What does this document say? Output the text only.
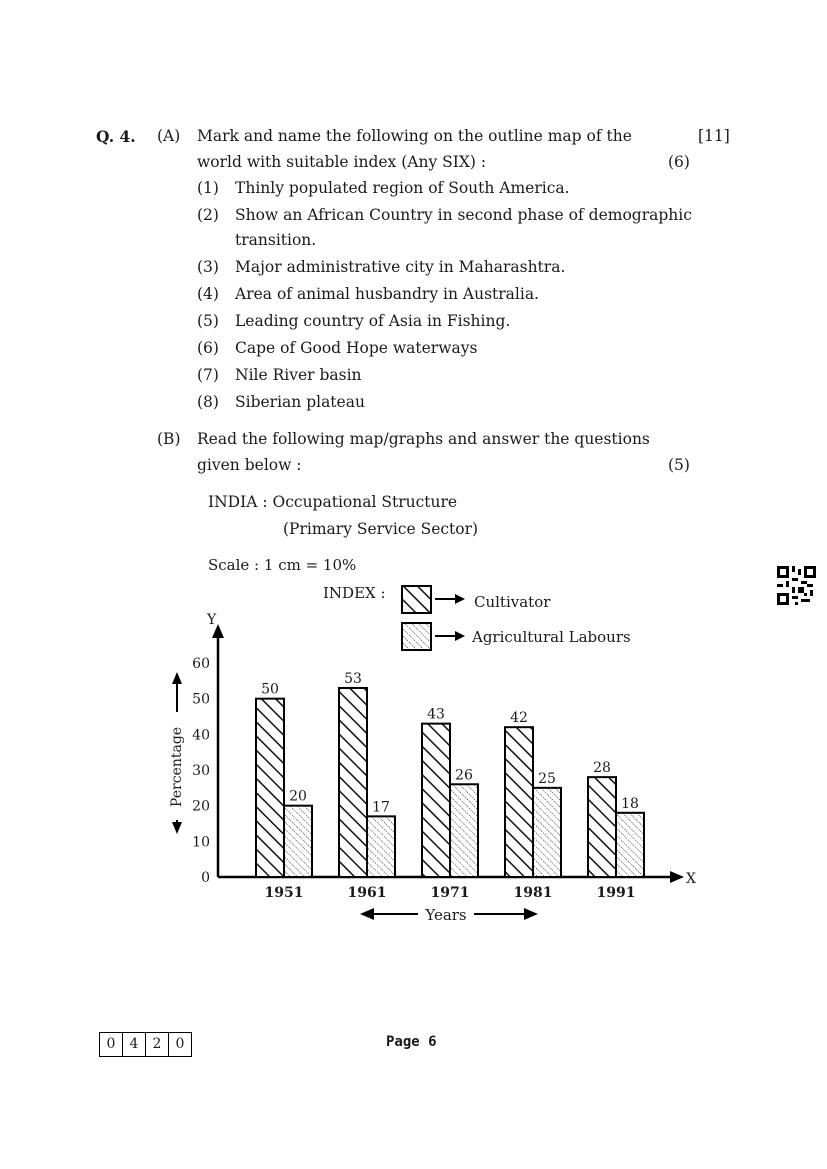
Q. 4. (A) Mark and name the following on the outline map of the	[11]
world with suitable index (Any SIX) :	(6)
(1) Thinly populated region of South America.
(2) Show an African Country in second phase of demographic
transition.
(3) Major administrative city in Maharashtra.
(4) Area of animal husbandry in Australia.
(5) Leading country of Asia in Fishing.
(6) Cape of Good Hope waterways
(7) Nile River basin
(8) Siberian plateau
(B) Read the following map/graphs and answer the questions
given below :	(5)
INDIA : Occupational Structure
(Primary Service Sector)
Scale : 1 cm = 10%
INDEX :	Cultivator
Agricultural Labours
Y
X
0
10
20
30
40
50
60
50
20
53
17
43
26
42
25
28
18
1951	1961	1971	1981	1991
Percentage
Years
0	4	2	0	Page 6
